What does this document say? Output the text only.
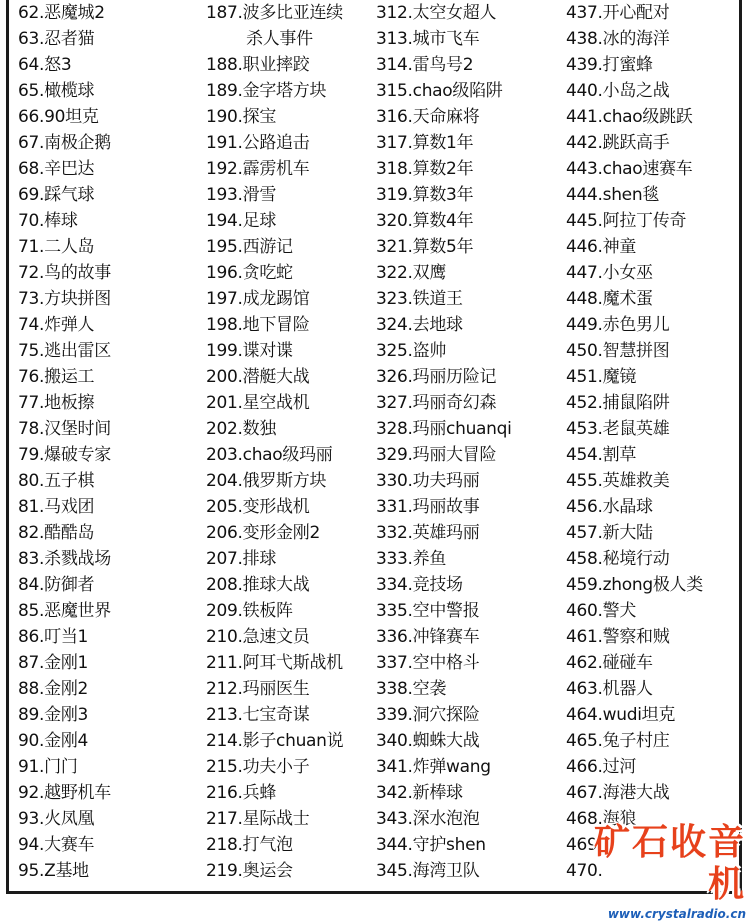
62.恶魔城2
63.忍者猫
64.怒3
65.橄榄球
66.90坦克
67.南极企鹅
68.辛巴达
69.踩气球
70.棒球
71.二人岛
72.鸟的故事
73.方块拼图
74.炸弹人
75.逃出雷区
76.搬运工
77.地板擦
78.汉堡时间
79.爆破专家
80.五子棋
81.马戏团
82.酷酷岛
83.杀戮战场
84.防御者
85.恶魔世界
86.叮当1
87.金刚1
88.金刚2
89.金刚3
90.金刚4
91.门门
92.越野机车
93.火凤凰
94.大赛车
95.Z基地
187.波多比亚连续
杀人事件
188.职业摔跤
189.金字塔方块
190.探宝
191.公路追击
192.霹雳机车
193.滑雪
194.足球
195.西游记
196.贪吃蛇
197.成龙踢馆
198.地下冒险
199.谍对谍
200.潜艇大战
201.星空战机
202.数独
203.chao级玛丽
204.俄罗斯方块
205.变形战机
206.变形金刚2
207.排球
208.推球大战
209.铁板阵
210.急速文员
211.阿耳弋斯战机
212.玛丽医生
213.七宝奇谋
214.影子chuan说
215.功夫小子
216.兵蜂
217.星际战士
218.打气泡
219.奥运会
312.太空女超人
313.城市飞车
314.雷鸟号2
315.chao级陷阱
316.天命麻将
317.算数1年
318.算数2年
319.算数3年
320.算数4年
321.算数5年
322.双鹰
323.铁道王
324.去地球
325.盗帅
326.玛丽历险记
327.玛丽奇幻森
328.玛丽chuanqi
329.玛丽大冒险
330.功夫玛丽
331.玛丽故事
332.英雄玛丽
333.养鱼
334.竞技场
335.空中警报
336.冲锋赛车
337.空中格斗
338.空袭
339.洞穴探险
340.蜘蛛大战
341.炸弹wang
342.新棒球
343.深水泡泡
344.守护shen
345.海湾卫队
437.开心配对
438.冰的海洋
439.打蜜蜂
440.小岛之战
441.chao级跳跃
442.跳跃高手
443.chao速赛车
444.shen毯
445.阿拉丁传奇
446.神童
447.小女巫
448.魔术蛋
449.赤色男儿
450.智慧拼图
451.魔镜
452.捕鼠陷阱
453.老鼠英雄
454.割草
455.英雄救美
456.水晶球
457.新大陆
458.秘境行动
459.zhong极人类
460.警犬
461.警察和贼
462.碰碰车
463.机器人
464.wudi坦克
465.兔子村庄
466.过河
467.海港大战
468.海狼
469.
470.
矿石收音机
www.crystalradio.cn
